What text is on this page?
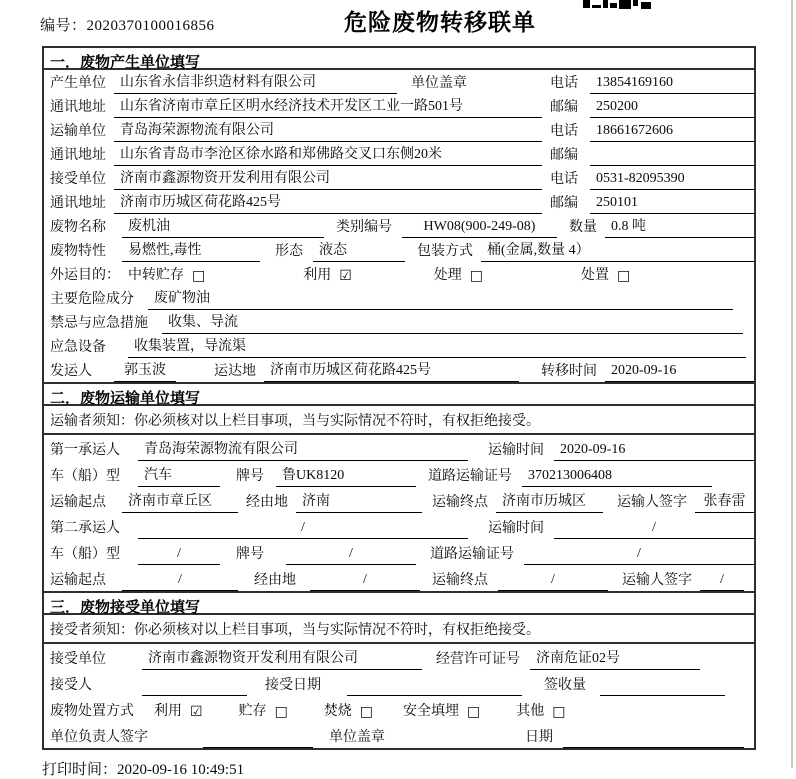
编号：2020370100016856	危险废物转移联单
一．废物产生单位填写
产生单位	山东省永信非织造材料有限公司	单位盖章	电话	13854169160
通讯地址	山东省济南市章丘区明水经济技术开发区工业一路501号	邮编	250200
运输单位	青岛海荣源物流有限公司	电话	18661672606
通讯地址	山东省青岛市李沧区徐水路和郑佛路交叉口东侧20米	邮编
接受单位	济南市鑫源物资开发利用有限公司	电话	0531-82095390
通讯地址	济南市历城区荷花路425号	邮编	250101
废物名称	废机油	类别编号	HW08(900-249-08)	数量	0.8 吨
废物特性	易燃性,毒性	形态	液态	包装方式	桶(金属,数量 4）
外运目的： 中转贮存 □	利用 ☑	处理 □	处置 □
主要危险成分	废矿物油
禁忌与应急措施	收集、导流
应急设备	收集装置，导流渠
发运人	郭玉波	运达地	济南市历城区荷花路425号	转移时间	2020-09-16
二．废物运输单位填写
运输者须知：你必须核对以上栏目事项，当与实际情况不符时，有权拒绝接受。
第一承运人	青岛海荣源物流有限公司	运输时间	2020-09-16
车（船）型	汽车	牌号	鲁UK8120	道路运输证号	370213006408
运输起点	济南市章丘区	经由地	济南	运输终点	济南市历城区	运输人签字	张春雷
第二承运人	/	运输时间	/
车（船）型	/	牌号	/	道路运输证号	/
运输起点	/	经由地	/	运输终点	/	运输人签字	/
三．废物接受单位填写
接受者须知：你必须核对以上栏目事项，当与实际情况不符时，有权拒绝接受。
接受单位	济南市鑫源物资开发利用有限公司	经营许可证号	济南危证02号
接受人	接受日期	签收量
废物处置方式 利用 ☑	贮存 □	焚烧 □ 安全填埋 □	其他 □
单位负责人签字	单位盖章	日期
打印时间：2020-09-16 10:49:51
